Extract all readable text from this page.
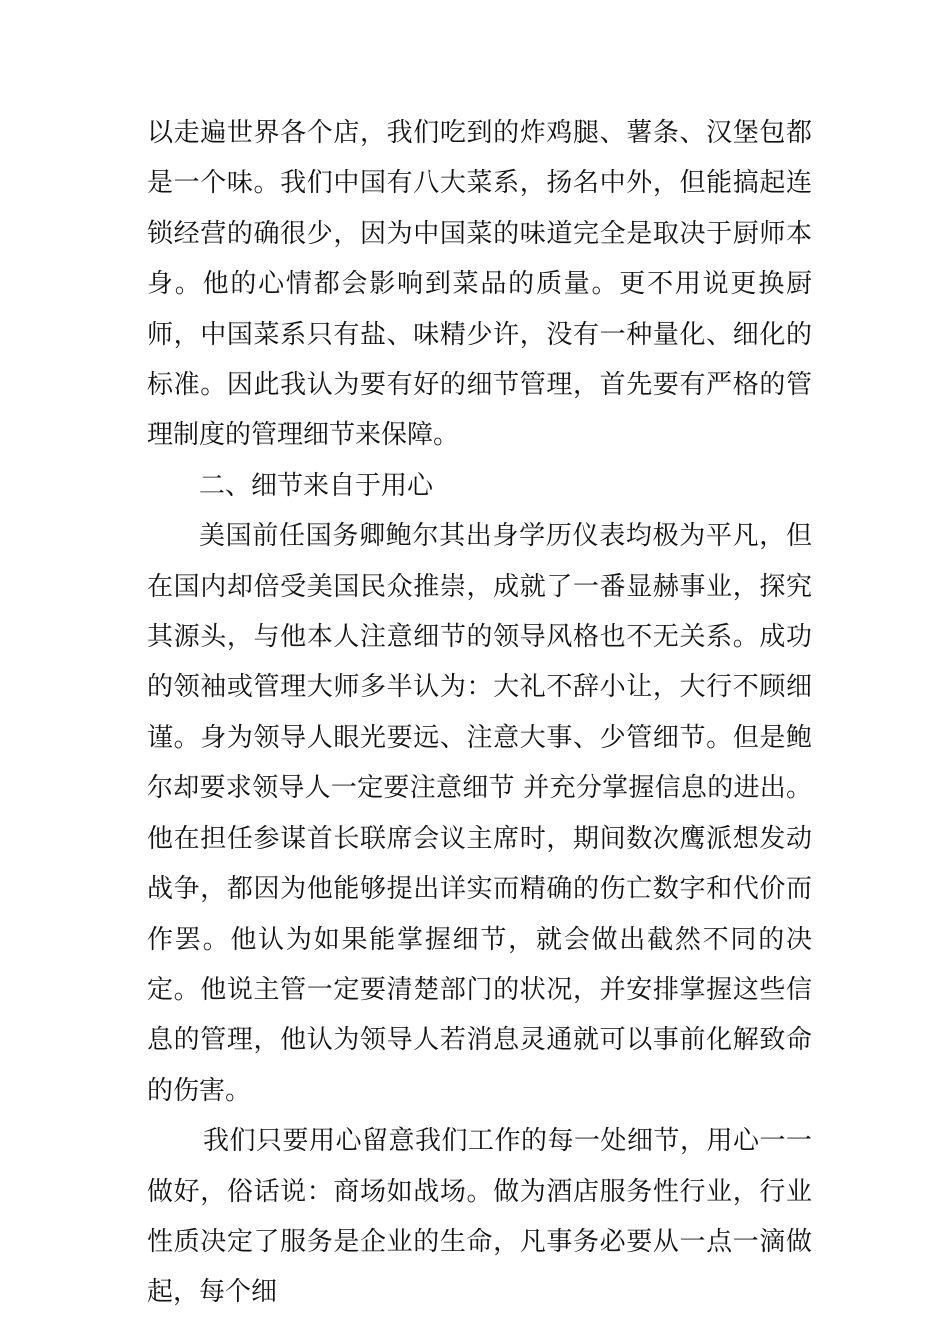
以走遍世界各个店，我们吃到的炸鸡腿、薯条、汉堡包都是一个味。我们中国有八大菜系，扬名中外，但能搞起连锁经营的确很少，因为中国菜的味道完全是取决于厨师本身。他的心情都会影响到菜品的质量。更不用说更换厨师，中国菜系只有盐、味精少许，没有一种量化、细化的标准。因此我认为要有好的细节管理，首先要有严格的管理制度的管理细节来保障。

二、细节来自于用心

美国前任国务卿鲍尔其出身学历仪表均极为平凡，但在国内却倍受美国民众推崇，成就了一番显赫事业，探究其源头，与他本人注意细节的领导风格也不无关系。成功的领袖或管理大师多半认为：大礼不辞小让，大行不顾细谨。身为领导人眼光要远、注意大事、少管细节。但是鲍尔却要求领导人一定要注意细节 并充分掌握信息的进出。他在担任参谋首长联席会议主席时，期间数次鹰派想发动战争，都因为他能够提出详实而精确的伤亡数字和代价而作罢。他认为如果能掌握细节，就会做出截然不同的决定。他说主管一定要清楚部门的状况，并安排掌握这些信息的管理，他认为领导人若消息灵通就可以事前化解致命的伤害。

我们只要用心留意我们工作的每一处细节，用心一一做好，俗话说：商场如战场。做为酒店服务性行业，行业性质决定了服务是企业的生命，凡事务必要从一点一滴做起，每个细
